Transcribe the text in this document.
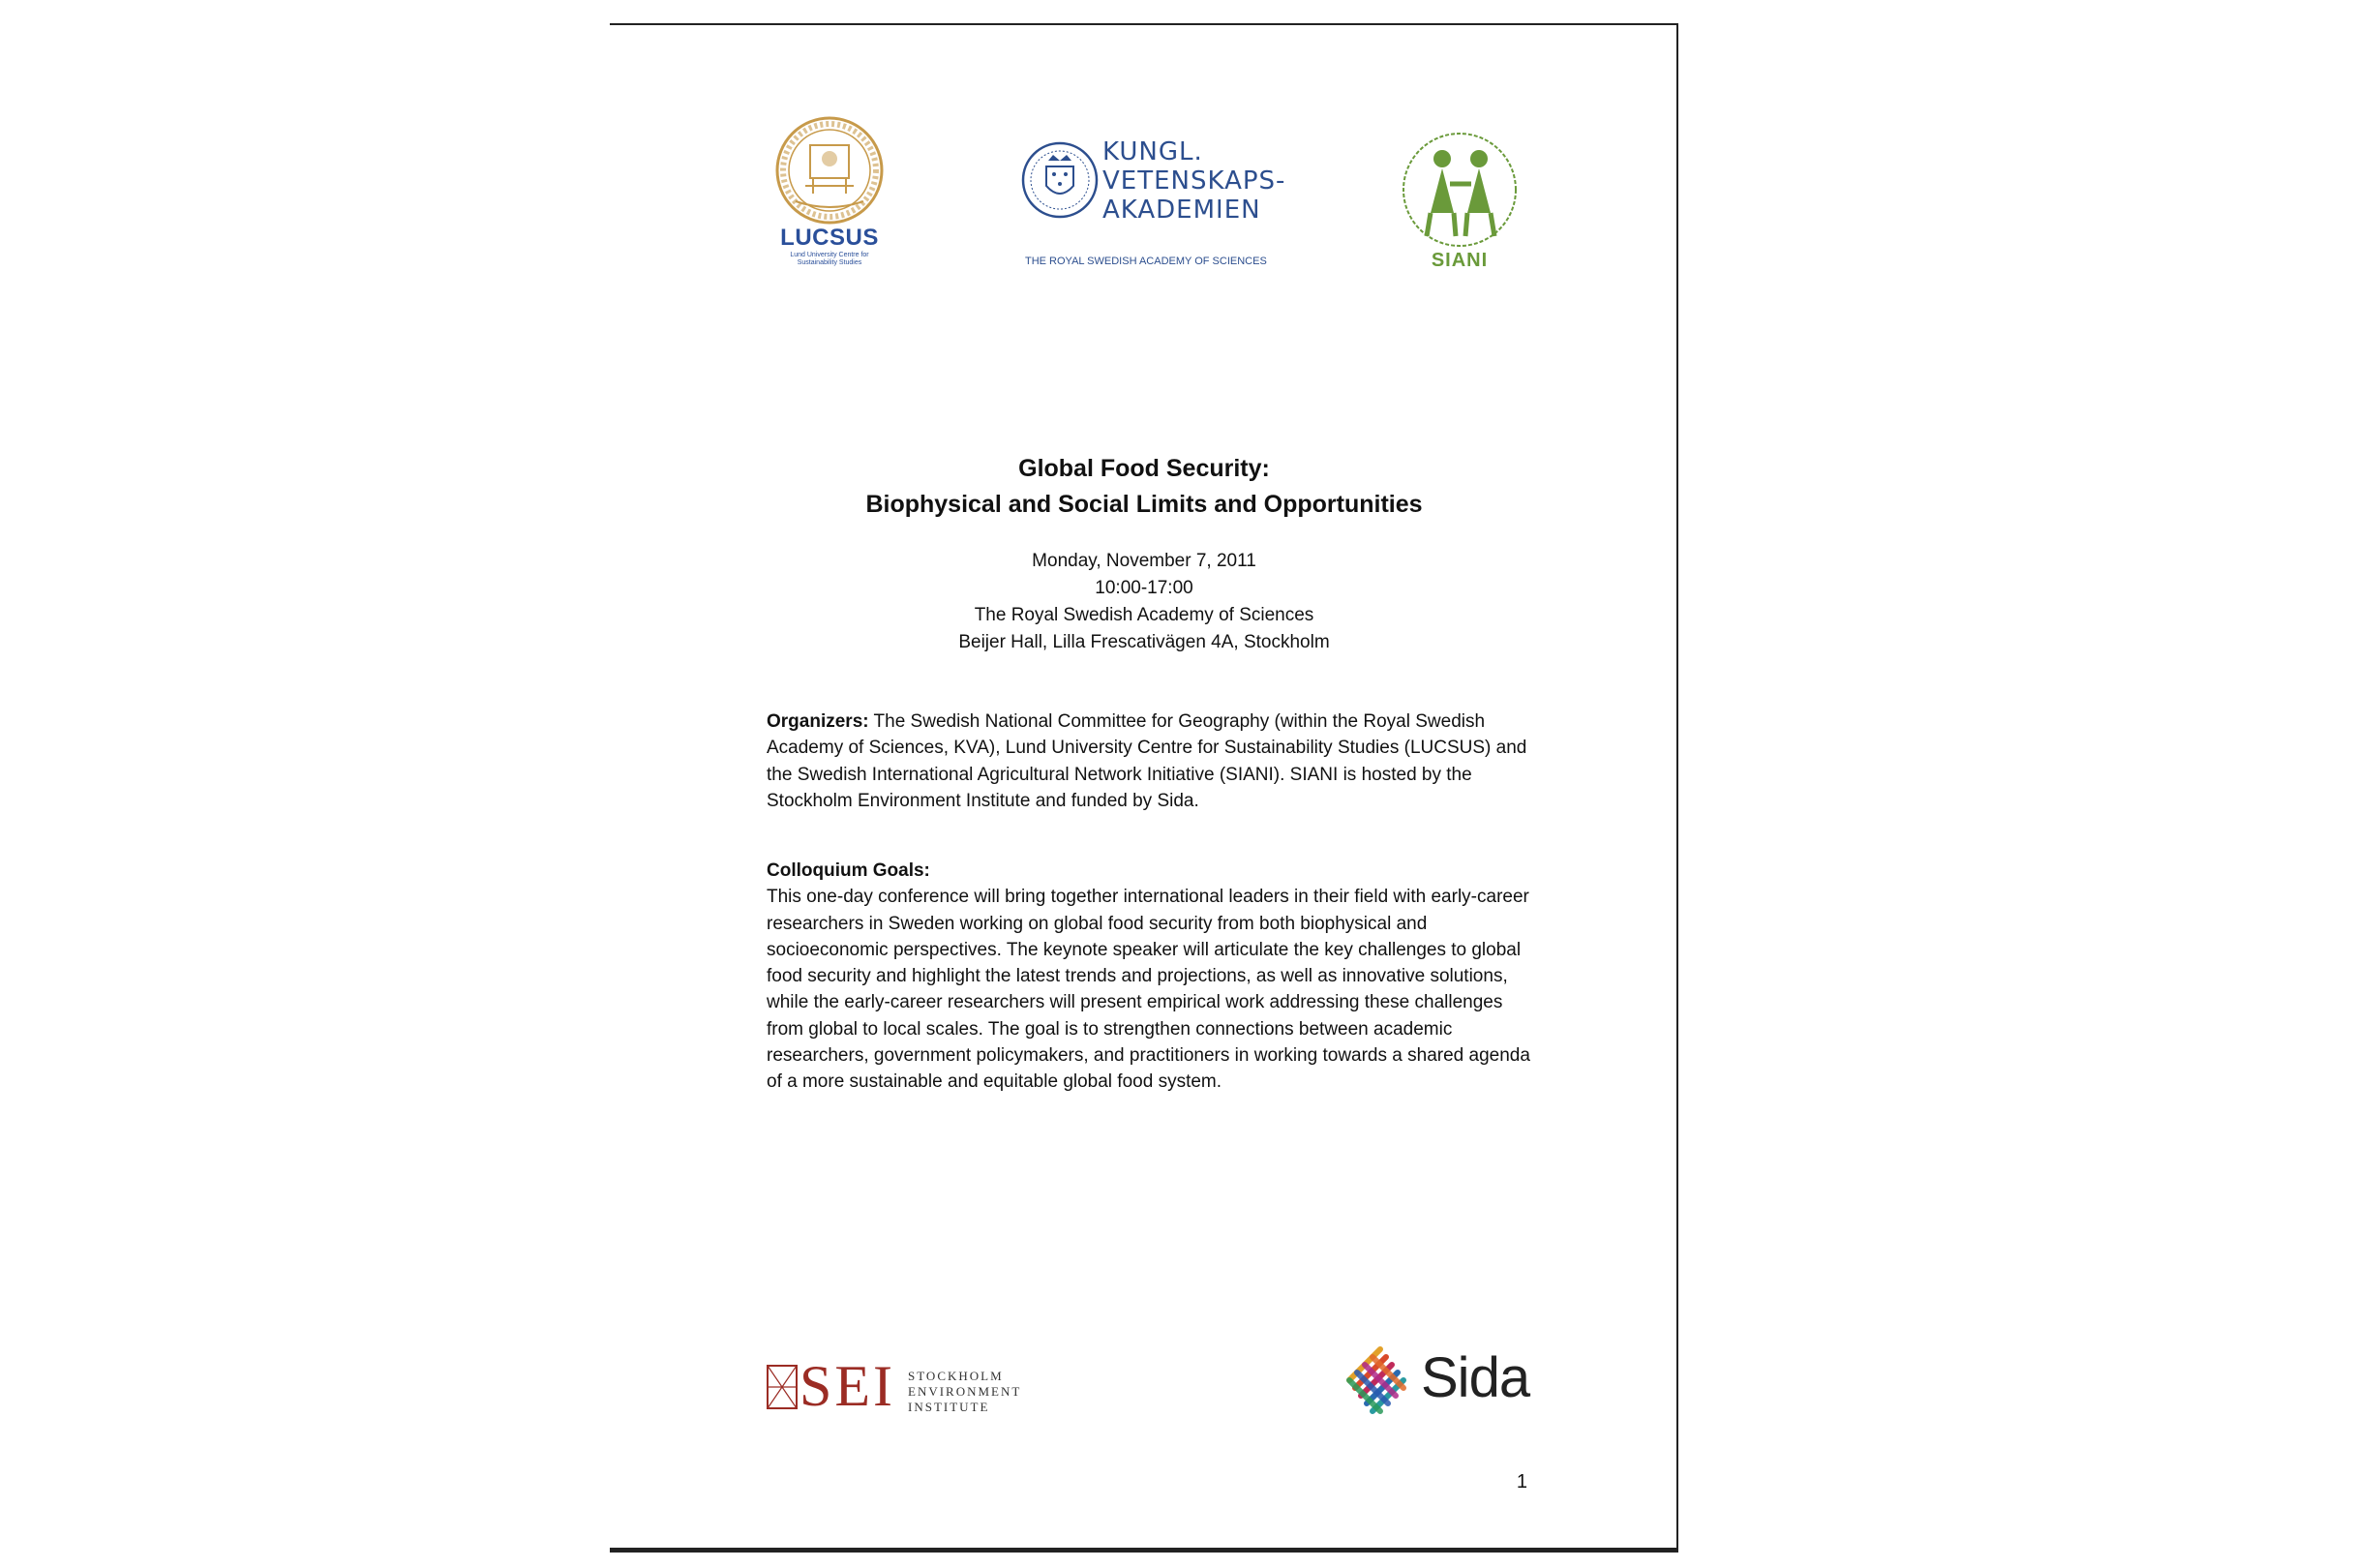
LUCSUS
Lund University Centre for Sustainability Studies
KUNGL.
VETENSKAPS-
AKADEMIEN
THE ROYAL SWEDISH ACADEMY OF SCIENCES	SIANI
Global Food Security:
Biophysical and Social Limits and Opportunities
Monday, November 7, 2011
10:00-17:00
The Royal Swedish Academy of Sciences
Beijer Hall, Lilla Frescativägen 4A, Stockholm
Organizers: The Swedish National Committee for Geography (within the Royal Swedish Academy of Sciences, KVA), Lund University Centre for Sustainability Studies (LUCSUS) and the Swedish International Agricultural Network Initiative (SIANI). SIANI is hosted by the Stockholm Environment Institute and funded by Sida.
Colloquium Goals:
This one-day conference will bring together international leaders in their field with early-career researchers in Sweden working on global food security from both biophysical and socioeconomic perspectives. The keynote speaker will articulate the key challenges to global food security and highlight the latest trends and projections, as well as innovative solutions, while the early-career researchers will present empirical work addressing these challenges from global to local scales. The goal is to strengthen connections between academic researchers, government policymakers, and practitioners in working towards a shared agenda of a more sustainable and equitable global food system.
SEI STOCKHOLM
ENVIRONMENT
INSTITUTE	Sida
1
